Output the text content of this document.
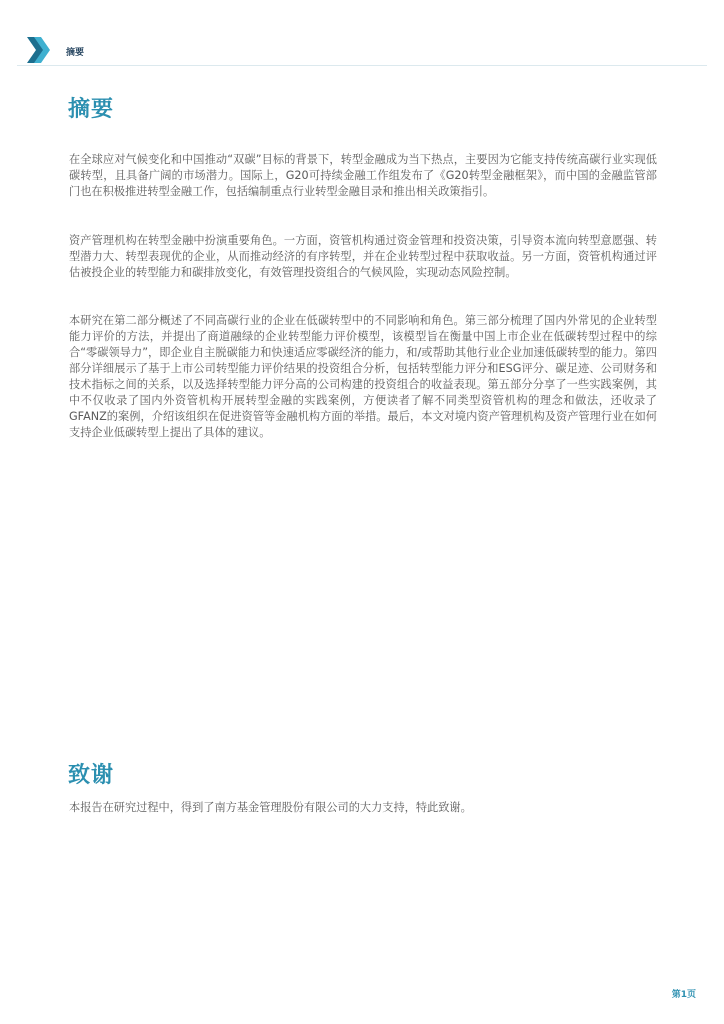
摘要
摘要

在全球应对气候变化和中国推动“双碳”目标的背景下，转型金融成为当下热点，主要因为它能支持传统高碳行业实现低碳转型，且具备广阔的市场潜力。国际上，G20可持续金融工作组发布了《G20转型金融框架》，而中国的金融监管部门也在积极推进转型金融工作，包括编制重点行业转型金融目录和推出相关政策指引。

资产管理机构在转型金融中扮演重要角色。一方面，资管机构通过资金管理和投资决策，引导资本流向转型意愿强、转型潜力大、转型表现优的企业，从而推动经济的有序转型，并在企业转型过程中获取收益。另一方面，资管机构通过评估被投企业的转型能力和碳排放变化，有效管理投资组合的气候风险，实现动态风险控制。

本研究在第二部分概述了不同高碳行业的企业在低碳转型中的不同影响和角色。第三部分梳理了国内外常见的企业转型能力评价的方法，并提出了商道融绿的企业转型能力评价模型，该模型旨在衡量中国上市企业在低碳转型过程中的综合“零碳领导力”，即企业自主脱碳能力和快速适应零碳经济的能力，和/或帮助其他行业企业加速低碳转型的能力。第四部分详细展示了基于上市公司转型能力评价结果的投资组合分析，包括转型能力评分和ESG评分、碳足迹、公司财务和技术指标之间的关系，以及选择转型能力评分高的公司构建的投资组合的收益表现。第五部分分享了一些实践案例，其中不仅收录了国内外资管机构开展转型金融的实践案例，方便读者了解不同类型资管机构的理念和做法，还收录了GFANZ的案例，介绍该组织在促进资管等金融机构方面的举措。最后，本文对境内资产管理机构及资产管理行业在如何支持企业低碳转型上提出了具体的建议。

致谢

本报告在研究过程中，得到了南方基金管理股份有限公司的大力支持，特此致谢。

第1页
